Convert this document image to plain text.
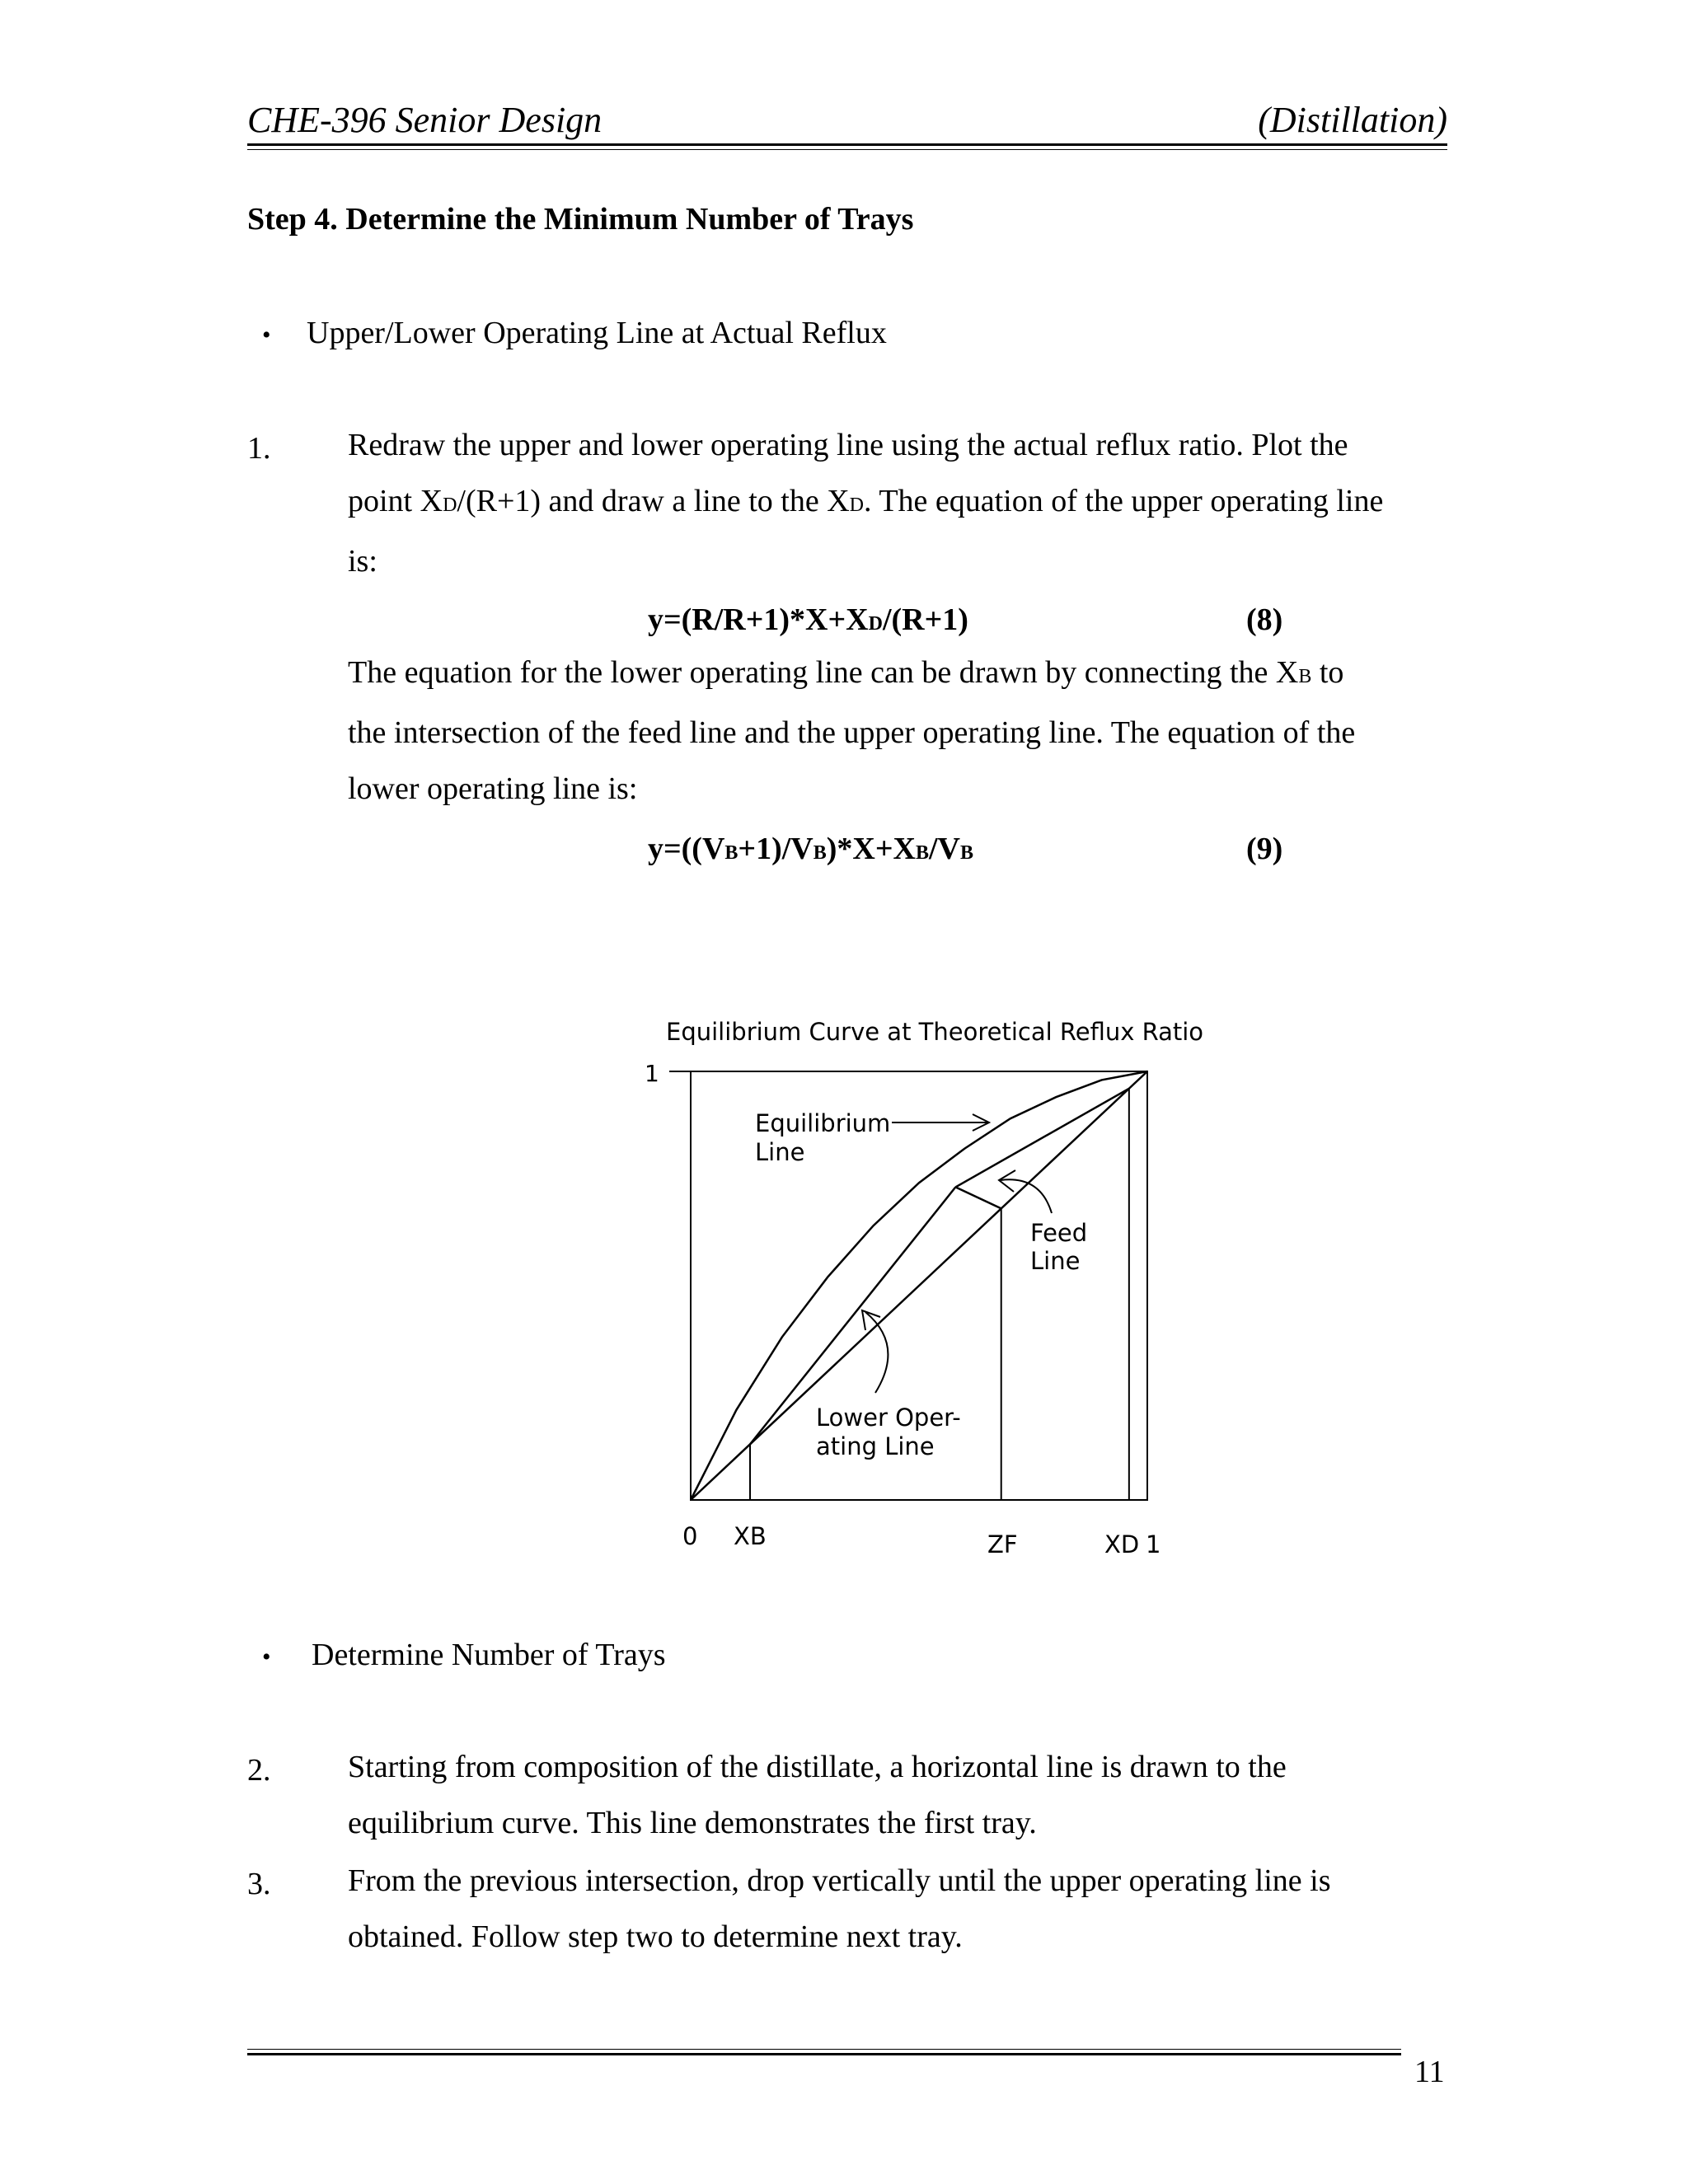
CHE-396 Senior Design	(Distillation)
Step 4. Determine the Minimum Number of Trays
• Upper/Lower Operating Line at Actual Reflux
1. Redraw the upper and lower operating line using the actual reflux ratio. Plot the
point XD/(R+1) and draw a line to the XD. The equation of the upper operating line
is:
y=(R/R+1)*X+XD/(R+1)	(8)
The equation for the lower operating line can be drawn by connecting the XB to
the intersection of the feed line and the upper operating line. The equation of the
lower operating line is:
y=((VB+1)/VB)*X+XB/VB	(9)
Equilibrium Curve at Theoretical Reflux Ratio
1
Equilibrium
Line
Feed
Line
Lower Oper-
ating Line
0 XB	ZF	XD 1
• Determine Number of Trays
2. Starting from composition of the distillate, a horizontal line is drawn to the
equilibrium curve. This line demonstrates the first tray.
3. From the previous intersection, drop vertically until the upper operating line is
obtained. Follow step two to determine next tray.
11
